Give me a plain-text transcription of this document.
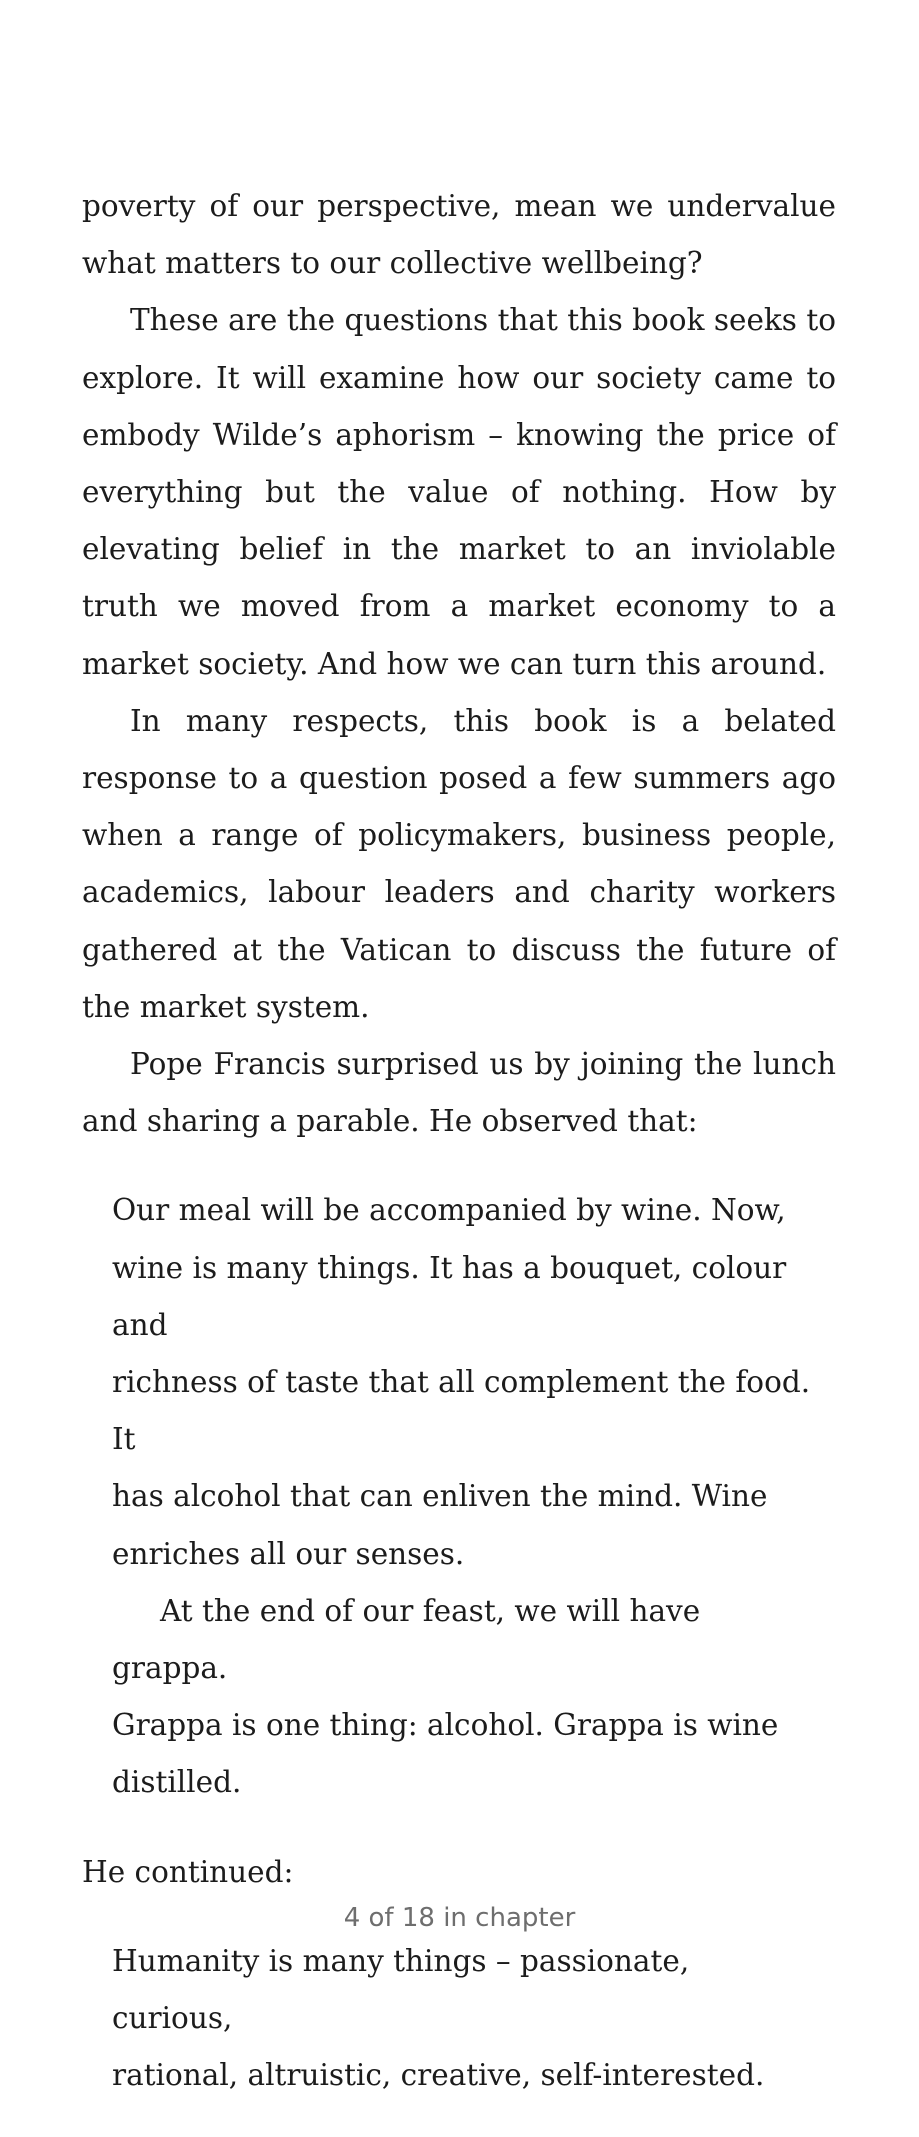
poverty of our perspective, mean we undervalue what matters to our collective wellbeing?

These are the questions that this book seeks to explore. It will examine how our society came to embody Wilde’s aphorism – knowing the price of everything but the value of nothing. How by elevating belief in the market to an inviolable truth we moved from a market economy to a market society. And how we can turn this around.

In many respects, this book is a belated response to a question posed a few summers ago when a range of policymakers, business people, academics, labour leaders and charity workers gathered at the Vatican to discuss the future of the market system.

Pope Francis surprised us by joining the lunch and sharing a parable. He observed that:

Our meal will be accompanied by wine. Now,

wine is many things. It has a bouquet, colour and

richness of taste that all complement the food. It

has alcohol that can enliven the mind. Wine

enriches all our senses.

At the end of our feast, we will have grappa.

Grappa is one thing: alcohol. Grappa is wine

distilled.

He continued:

Humanity is many things – passionate, curious,

rational, altruistic, creative, self-interested.

4 of 18 in chapter
